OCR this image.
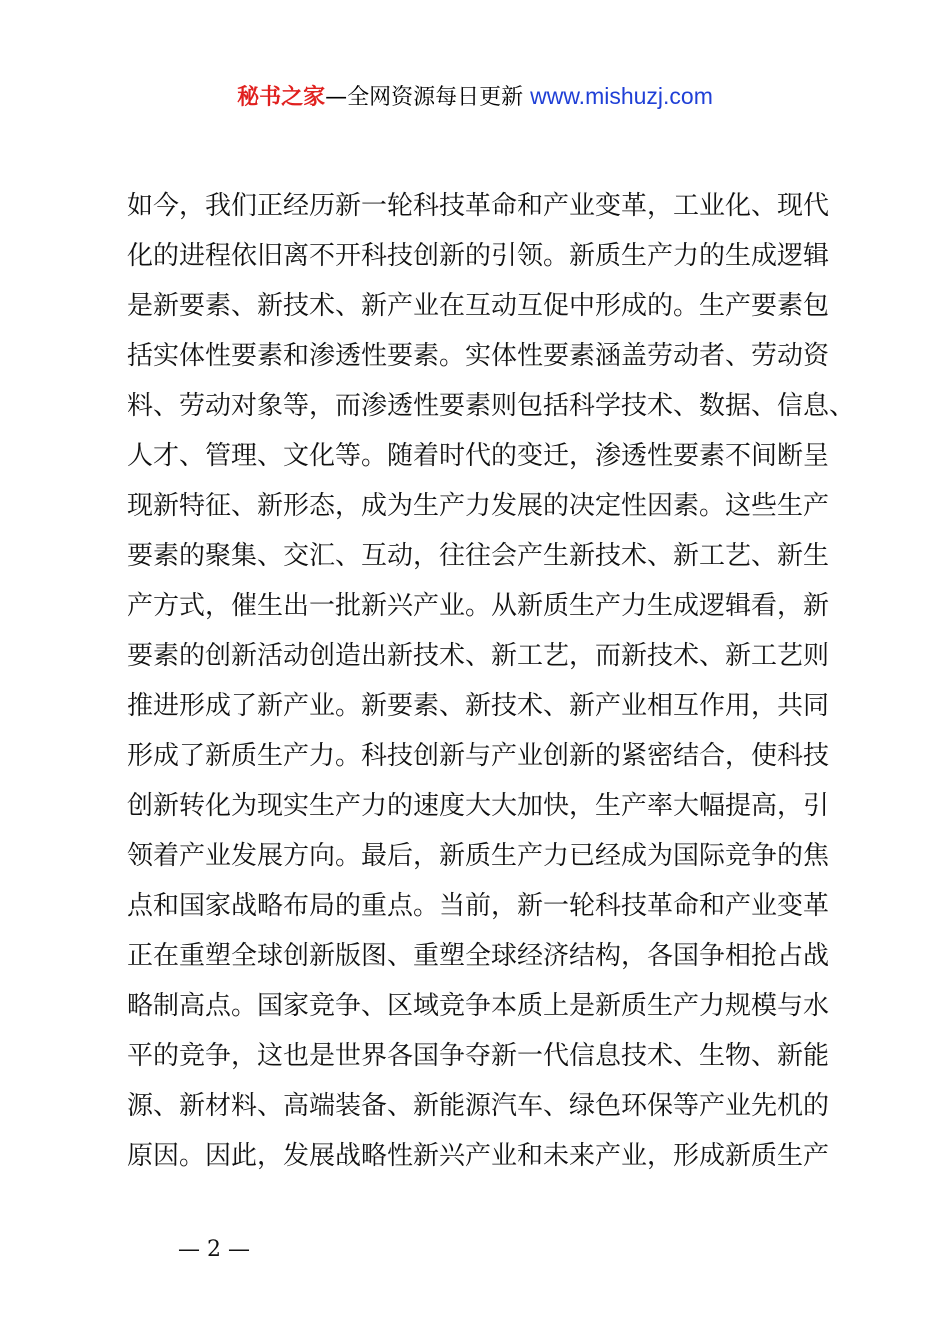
秘书之家—全网资源每日更新 www.mishuzj.com
如今，我们正经历新一轮科技革命和产业变革，工业化、现代
化的进程依旧离不开科技创新的引领。新质生产力的生成逻辑
是新要素、新技术、新产业在互动互促中形成的。生产要素包
括实体性要素和渗透性要素。实体性要素涵盖劳动者、劳动资
料、劳动对象等，而渗透性要素则包括科学技术、数据、信息、
人才、管理、文化等。随着时代的变迁，渗透性要素不间断呈
现新特征、新形态，成为生产力发展的决定性因素。这些生产
要素的聚集、交汇、互动，往往会产生新技术、新工艺、新生
产方式，催生出一批新兴产业。从新质生产力生成逻辑看，新
要素的创新活动创造出新技术、新工艺，而新技术、新工艺则
推进形成了新产业。新要素、新技术、新产业相互作用，共同
形成了新质生产力。科技创新与产业创新的紧密结合，使科技
创新转化为现实生产力的速度大大加快，生产率大幅提高，引
领着产业发展方向。最后，新质生产力已经成为国际竞争的焦
点和国家战略布局的重点。当前，新一轮科技革命和产业变革
正在重塑全球创新版图、重塑全球经济结构，各国争相抢占战
略制高点。国家竞争、区域竞争本质上是新质生产力规模与水
平的竞争，这也是世界各国争夺新一代信息技术、生物、新能
源、新材料、高端装备、新能源汽车、绿色环保等产业先机的
原因。因此，发展战略性新兴产业和未来产业，形成新质生产
— 2 —
